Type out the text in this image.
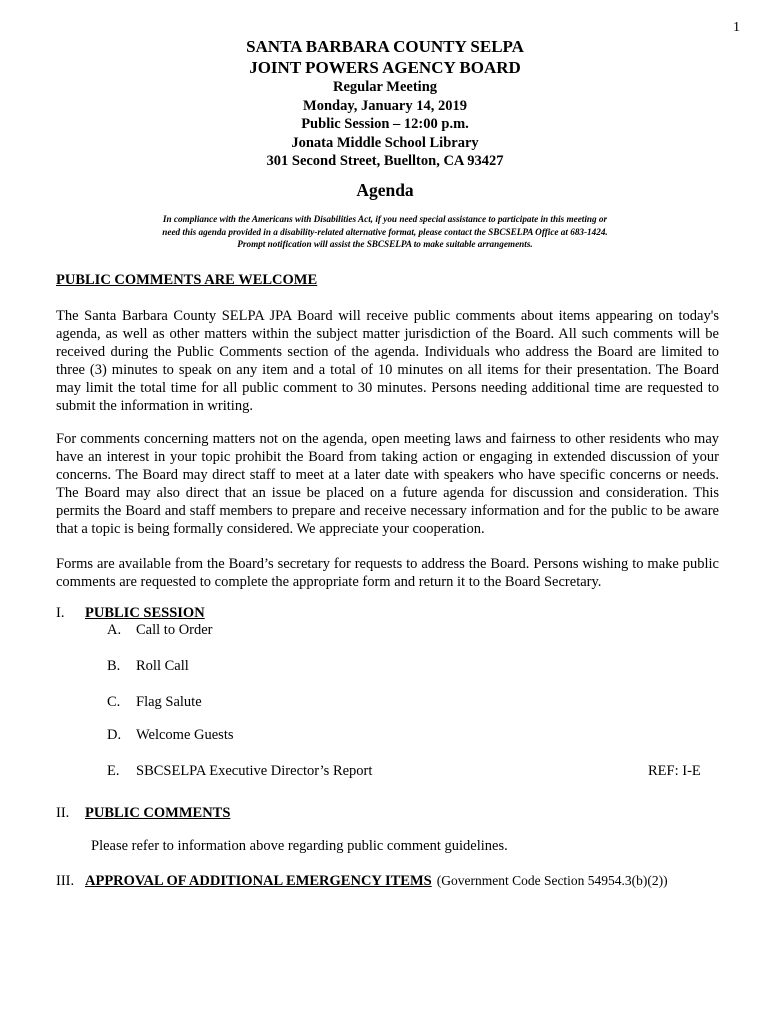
1
SANTA BARBARA COUNTY SELPA
JOINT POWERS AGENCY BOARD
Regular Meeting
Monday, January 14, 2019
Public Session – 12:00 p.m.
Jonata Middle School Library
301 Second Street, Buellton, CA 93427
Agenda
In compliance with the Americans with Disabilities Act, if you need special assistance to participate in this meeting or
need this agenda provided in a disability-related alternative format, please contact the SBCSELPA Office at 683-1424.
Prompt notification will assist the SBCSELPA to make suitable arrangements.
PUBLIC COMMENTS ARE WELCOME
The Santa Barbara County SELPA JPA Board will receive public comments about items appearing on today's agenda, as well as other matters within the subject matter jurisdiction of the Board. All such comments will be received during the Public Comments section of the agenda. Individuals who address the Board are limited to three (3) minutes to speak on any item and a total of 10 minutes on all items for their presentation. The Board may limit the total time for all public comment to 30 minutes. Persons needing additional time are requested to submit the information in writing.
For comments concerning matters not on the agenda, open meeting laws and fairness to other residents who may have an interest in your topic prohibit the Board from taking action or engaging in extended discussion of your concerns. The Board may direct staff to meet at a later date with speakers who have specific concerns or needs. The Board may also direct that an issue be placed on a future agenda for discussion and consideration. This permits the Board and staff members to prepare and receive necessary information and for the public to be aware that a topic is being formally considered. We appreciate your cooperation.
Forms are available from the Board’s secretary for requests to address the Board. Persons wishing to make public comments are requested to complete the appropriate form and return it to the Board Secretary.
I.	PUBLIC SESSION
A.	Call to Order
B.	Roll Call
C.	Flag Salute
D.	Welcome Guests
E.	SBCSELPA Executive Director’s Report	REF: I-E
II.	PUBLIC COMMENTS
Please refer to information above regarding public comment guidelines.
III. APPROVAL OF ADDITIONAL EMERGENCY ITEMS (Government Code Section 54954.3(b)(2))
